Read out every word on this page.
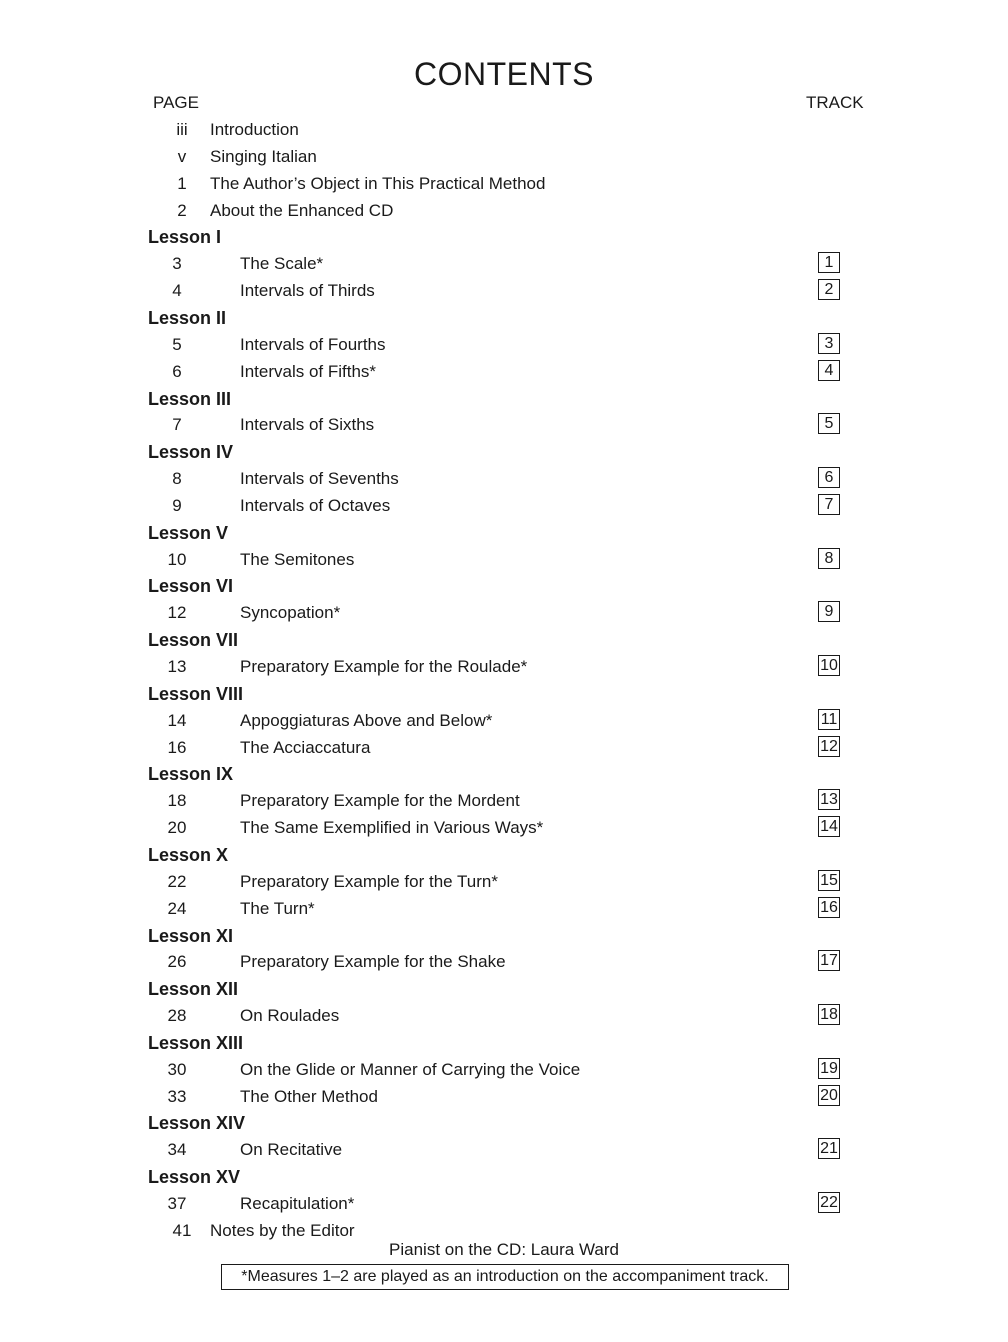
CONTENTS
PAGE	TRACK
iii	Introduction
v	Singing Italian
1	The Author’s Object in This Practical Method
2	About the Enhanced CD
Lesson I
3	The Scale*	1
4	Intervals of Thirds	2
Lesson II
5	Intervals of Fourths	3
6	Intervals of Fifths*	4
Lesson III
7	Intervals of Sixths	5
Lesson IV
8	Intervals of Sevenths	6
9	Intervals of Octaves	7
Lesson V
10	The Semitones	8
Lesson VI
12	Syncopation*	9
Lesson VII
13	Preparatory Example for the Roulade*	10
Lesson VIII
14	Appoggiaturas Above and Below*	11
16	The Acciaccatura	12
Lesson IX
18	Preparatory Example for the Mordent	13
20	The Same Exemplified in Various Ways*	14
Lesson X
22	Preparatory Example for the Turn*	15
24	The Turn*	16
Lesson XI
26	Preparatory Example for the Shake	17
Lesson XII
28	On Roulades	18
Lesson XIII
30	On the Glide or Manner of Carrying the Voice	19
33	The Other Method	20
Lesson XIV
34	On Recitative	21
Lesson XV
37	Recapitulation*	22
41	Notes by the Editor
Pianist on the CD: Laura Ward
*Measures 1–2 are played as an introduction on the accompaniment track.
